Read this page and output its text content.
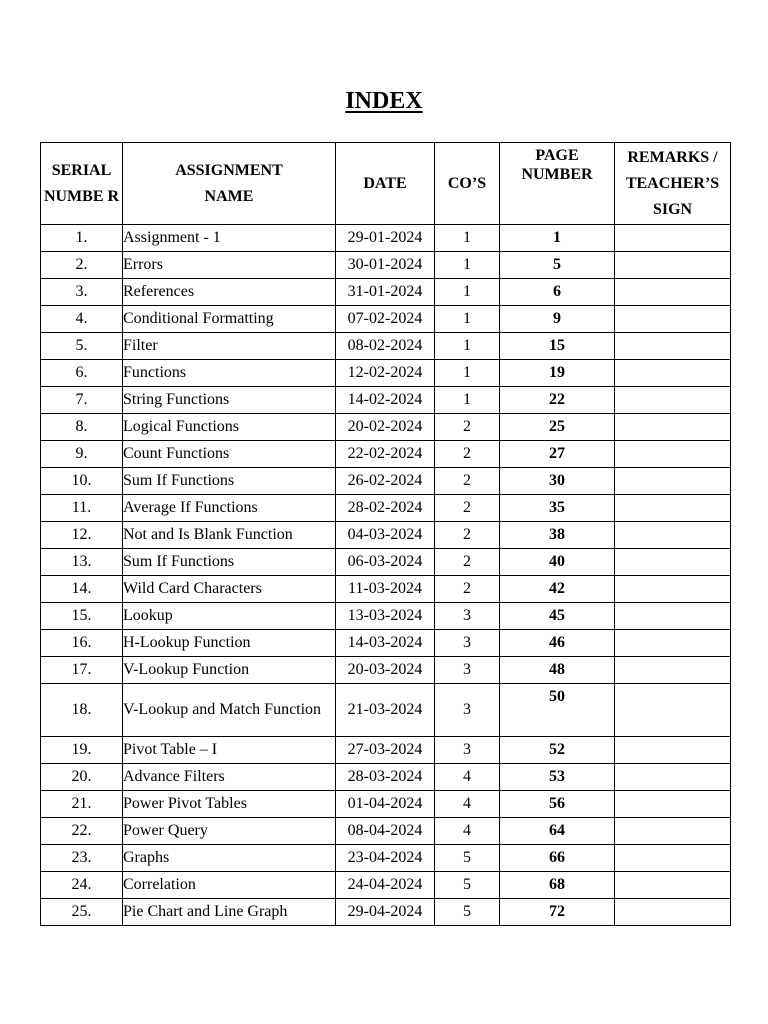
INDEX
SERIAL NUMBE R	ASSIGNMENT NAME	DATE	CO’S	PAGE NUMBER	REMARKS / TEACHER’S SIGN
1.	Assignment - 1	29-01-2024	1	1	
2.	Errors	30-01-2024	1	5	
3.	References	31-01-2024	1	6	
4.	Conditional Formatting	07-02-2024	1	9	
5.	Filter	08-02-2024	1	15	
6.	Functions	12-02-2024	1	19	
7.	String Functions	14-02-2024	1	22	
8.	Logical Functions	20-02-2024	2	25	
9.	Count Functions	22-02-2024	2	27	
10.	Sum If Functions	26-02-2024	2	30	
11.	Average If Functions	28-02-2024	2	35	
12.	Not and Is Blank Function	04-03-2024	2	38	
13.	Sum If Functions	06-03-2024	2	40	
14.	Wild Card Characters	11-03-2024	2	42	
15.	Lookup	13-03-2024	3	45	
16.	H-Lookup Function	14-03-2024	3	46	
17.	V-Lookup Function	20-03-2024	3	48	
18.	V-Lookup and Match Function	21-03-2024	3	50	
19.	Pivot Table – I	27-03-2024	3	52	
20.	Advance Filters	28-03-2024	4	53	
21.	Power Pivot Tables	01-04-2024	4	56	
22.	Power Query	08-04-2024	4	64	
23.	Graphs	23-04-2024	5	66	
24.	Correlation	24-04-2024	5	68	
25.	Pie Chart and Line Graph	29-04-2024	5	72	
